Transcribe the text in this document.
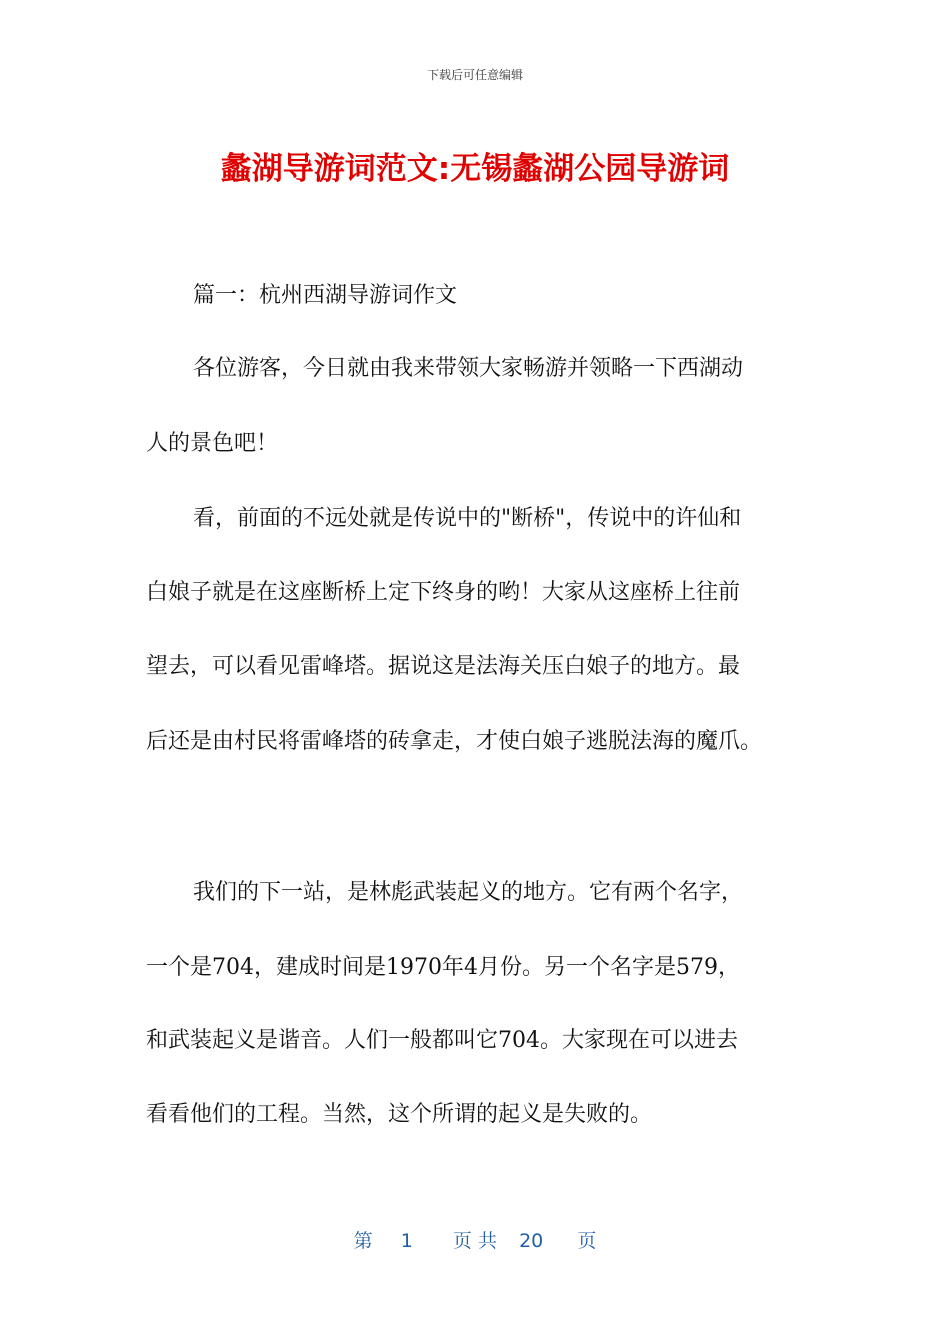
下载后可任意编辑
蠡湖导游词范文:无锡蠡湖公园导游词
篇一：杭州西湖导游词作文
各位游客，今日就由我来带领大家畅游并领略一下西湖动
人的景色吧！
看，前面的不远处就是传说中的"断桥"，传说中的许仙和
白娘子就是在这座断桥上定下终身的哟！大家从这座桥上往前
望去，可以看见雷峰塔。据说这是法海关压白娘子的地方。最
后还是由村民将雷峰塔的砖拿走，才使白娘子逃脱法海的魔爪。
我们的下一站，是林彪武装起义的地方。它有两个名字，
一个是704，建成时间是1970年4月份。另一个名字是579，
和武装起义是谐音。人们一般都叫它704。大家现在可以进去
看看他们的工程。当然，这个所谓的起义是失败的。
第 1 页 共 20 页
